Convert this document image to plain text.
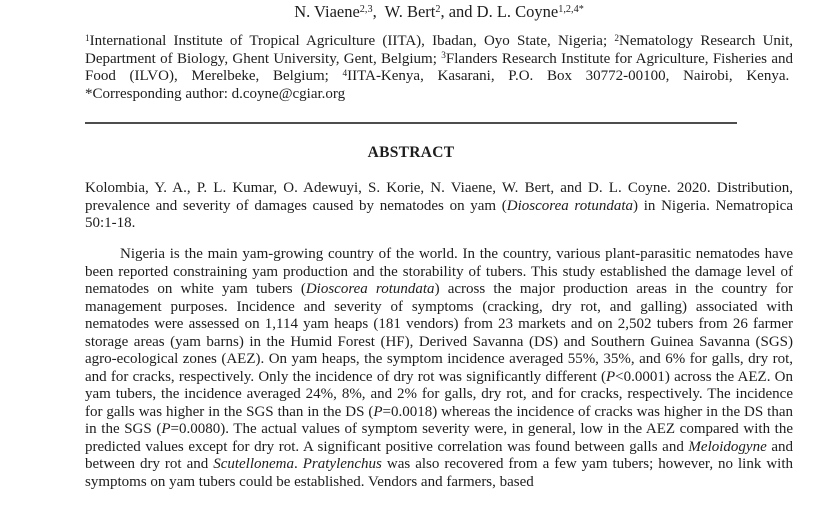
N. Viaene$^{2,3}$,  W. Bert$^2$, and D. L. Coyne$^{1,2,4*}$

$^1$International Institute of Tropical Agriculture (IITA), Ibadan, Oyo State, Nigeria; $^2$Nematology Research Unit, Department of Biology, Ghent University, Gent, Belgium; $^3$Flanders Research Institute for Agriculture, Fisheries and Food (ILVO), Merelbeke, Belgium; $^4$IITA-Kenya, Kasarani, P.O. Box 30772-00100, Nairobi, Kenya.  *Corresponding author: d.coyne@cgiar.org

ABSTRACT

Kolombia, Y. A., P. L. Kumar, O. Adewuyi, S. Korie, N. Viaene, W. Bert, and D. L. Coyne. 2020. Distribution, prevalence and severity of damages caused by nematodes on yam (Dioscorea rotundata) in Nigeria. Nematropica 50:1-18.

Nigeria is the main yam-growing country of the world. In the country, various plant-parasitic nematodes have been reported constraining yam production and the storability of tubers. This study established the damage level of nematodes on white yam tubers (Dioscorea rotundata) across the major production areas in the country for management purposes. Incidence and severity of symptoms (cracking, dry rot, and galling) associated with nematodes were assessed on 1,114 yam heaps (181 vendors) from 23 markets and on 2,502 tubers from 26 farmer storage areas (yam barns) in the Humid Forest (HF), Derived Savanna (DS) and Southern Guinea Savanna (SGS) agro-ecological zones (AEZ). On yam heaps, the symptom incidence averaged 55%, 35%, and 6% for galls, dry rot, and for cracks, respectively. Only the incidence of dry rot was significantly different (P<0.0001) across the AEZ. On yam tubers, the incidence averaged 24%, 8%, and 2% for galls, dry rot, and for cracks, respectively. The incidence for galls was higher in the SGS than in the DS (P=0.0018) whereas the incidence of cracks was higher in the DS than in the SGS (P=0.0080). The actual values of symptom severity were, in general, low in the AEZ compared with the predicted values except for dry rot. A significant positive correlation was found between galls and Meloidogyne and between dry rot and Scutellonema. Pratylenchus was also recovered from a few yam tubers; however, no link with symptoms on yam tubers could be established. Vendors and farmers, based
